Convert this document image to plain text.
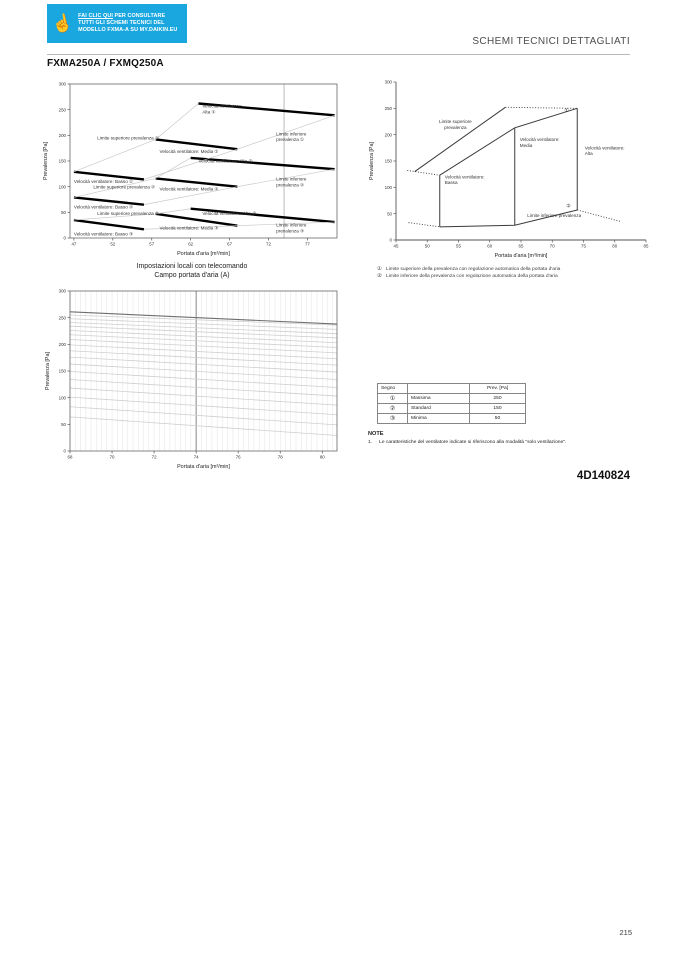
☝ FAI CLIC QUI PER CONSULTARE
TUTTI GLI SCHEMI TECNICI DEL
MODELLO FXMA-A SU MY.DAIKIN.EU
SCHEMI TECNICI DETTAGLIATI
FXMA250A / FXMQ250A
47	52	57	62	67	72	77
0
50
100
150
200
250
300
Velocità ventilatore:
Alta ①
Limite superiore prevalenza ①
Velocità ventilatore: Media ①
Limite inferiore
prevalenza ①
Velocità ventilatore: Alta ②
Velocità ventilatore: Basso ①
Limite superiore prevalenza ② Velocità ventilatore: Media ②
Limite inferiore
prevalenza ②
Velocità ventilatore: Basso ②
Limite superiore prevalenza ③	Velocità ventilatore: Alta ③
Velocità ventilatore: Media ③
Velocità ventilatore: Basso ③
Limite inferiore
prevalenza ③
Portata d'aria [m³/min]
Prevalenza [Pa]
45	50	55	60	65	70	75	80	85
0
50
100
150
200
250
300
Limite superiore
prevalenza
Velocità ventilatore:
Alta
Velocità ventilatore:
Media
Velocità ventilatore:
Bassa
Limite inferiore prevalenza
①
②
Portata d'aria [m³/min]
Prevalenza [Pa]
Impostazioni locali con telecomando
Campo portata d'aria (A)
68	70	72	74	76	78	80
0
50
100
150
200
250
300
Portata d'aria [m³/min]
Prevalenza [Pa]
① Limite superiore della prevalenza con regolazione automatica della portata d'aria
② Limite inferiore della prevalenza con regolazione automatica della portata d'aria
Segno		Prev. [Pa]
①	Massima	250
②	Standard	150
③	Minima	50
NOTE
1. Le caratteristiche del ventilatore indicate si riferiscono alla modalità "solo ventilazione".
4D140824
215
